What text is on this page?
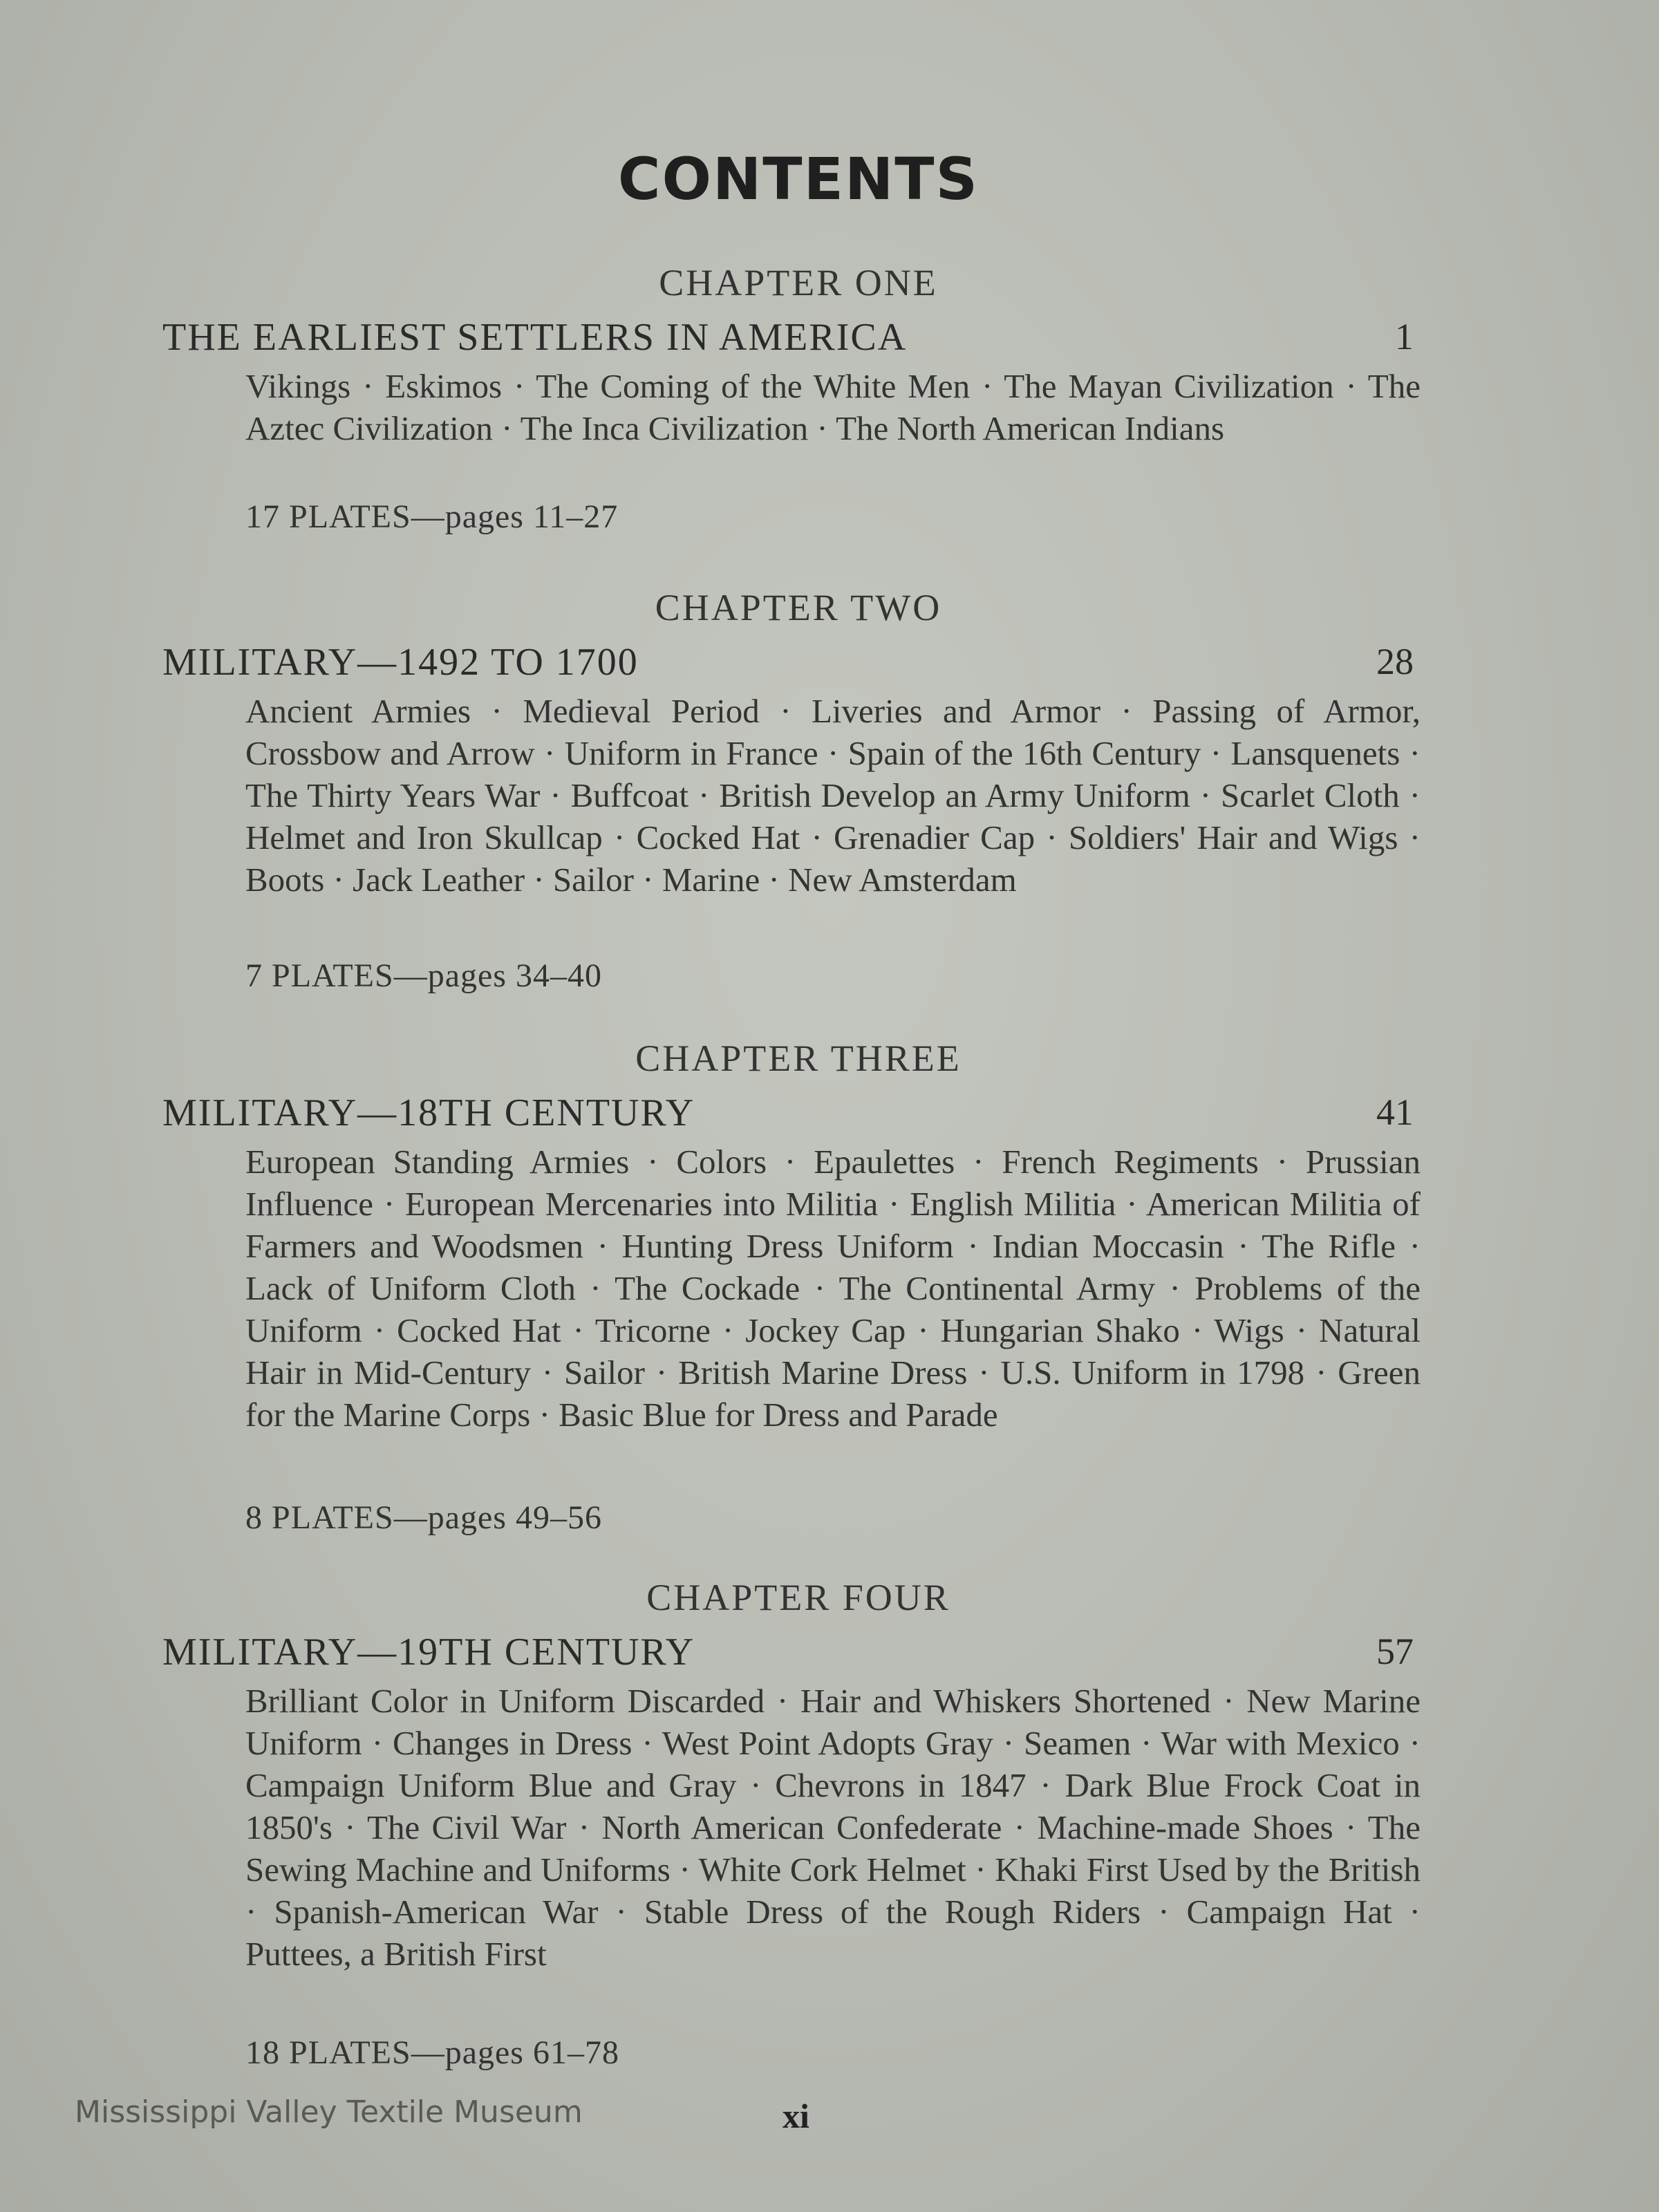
CONTENTS
CHAPTER ONE
THE EARLIEST SETTLERS IN AMERICA	1
Vikings · Eskimos · The Coming of the White Men · The Mayan Civilization · The Aztec Civilization · The Inca Civilization · The North American Indians
17 PLATES—pages 11–27
CHAPTER TWO
MILITARY—1492 TO 1700	28
Ancient Armies · Medieval Period · Liveries and Armor · Passing of Armor, Crossbow and Arrow · Uniform in France · Spain of the 16th Century · Lansquenets · The Thirty Years War · Buffcoat · British Develop an Army Uniform · Scarlet Cloth · Helmet and Iron Skullcap · Cocked Hat · Grenadier Cap · Soldiers' Hair and Wigs · Boots · Jack Leather · Sailor · Marine · New Amsterdam
7 PLATES—pages 34–40
CHAPTER THREE
MILITARY—18TH CENTURY	41
European Standing Armies · Colors · Epaulettes · French Regiments · Prussian Influence · European Mercenaries into Militia · English Militia · American Militia of Farmers and Woodsmen · Hunting Dress Uniform · Indian Moccasin · The Rifle · Lack of Uniform Cloth · The Cockade · The Continental Army · Problems of the Uniform · Cocked Hat · Tricorne · Jockey Cap · Hungarian Shako · Wigs · Natural Hair in Mid-Century · Sailor · British Marine Dress · U.S. Uniform in 1798 · Green for the Marine Corps · Basic Blue for Dress and Parade
8 PLATES—pages 49–56
CHAPTER FOUR
MILITARY—19TH CENTURY	57
Brilliant Color in Uniform Discarded · Hair and Whiskers Shortened · New Marine Uniform · Changes in Dress · West Point Adopts Gray · Seamen · War with Mexico · Campaign Uniform Blue and Gray · Chevrons in 1847 · Dark Blue Frock Coat in 1850's · The Civil War · North American Confederate · Machine-made Shoes · The Sewing Machine and Uniforms · White Cork Helmet · Khaki First Used by the British · Spanish-American War · Stable Dress of the Rough Riders · Campaign Hat · Puttees, a British First
18 PLATES—pages 61–78
Mississippi Valley Textile Museum	xi
